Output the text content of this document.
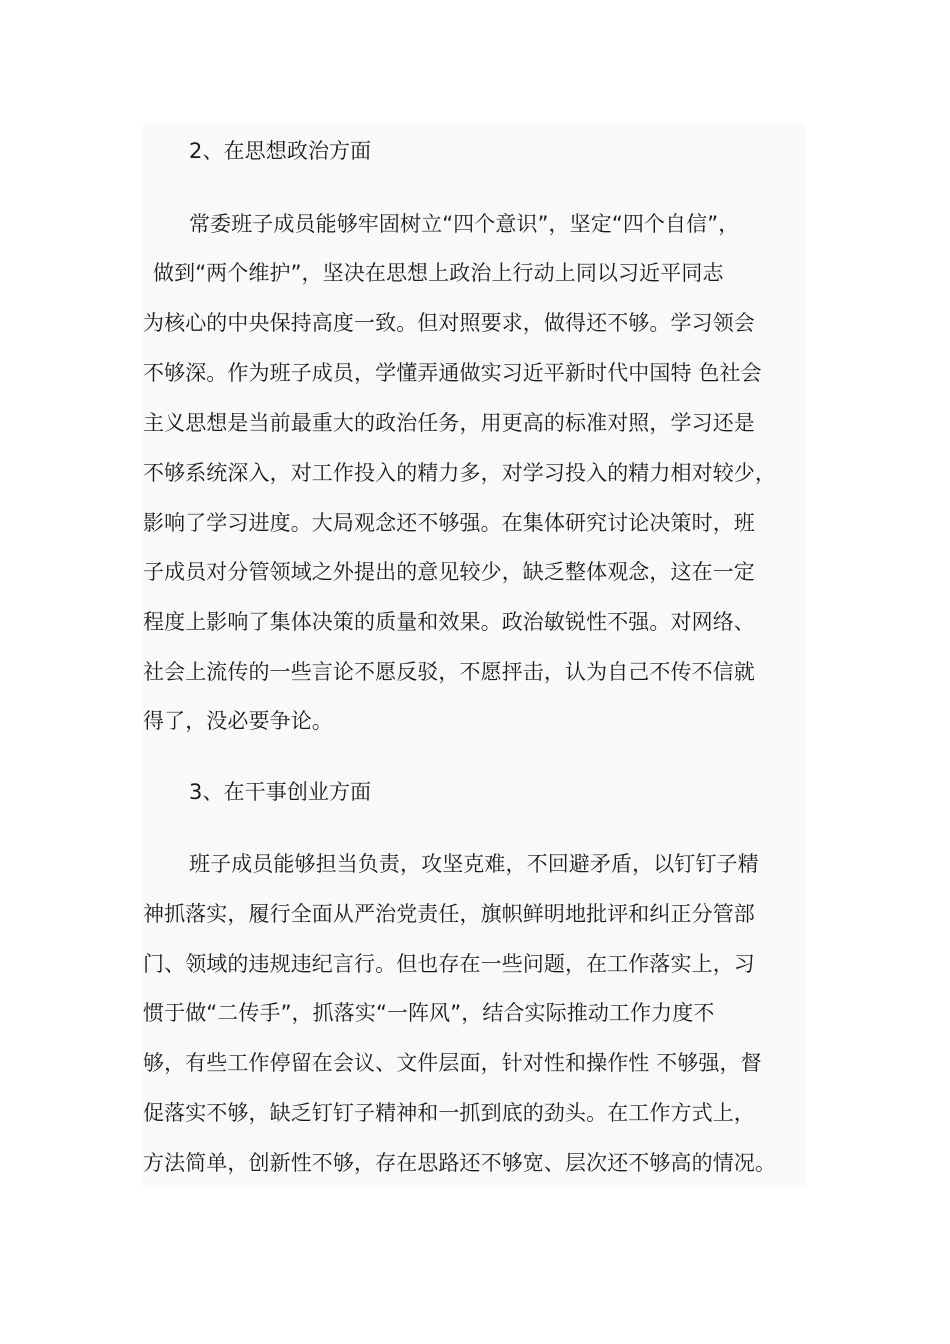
2、在思想政治方面
常委班子成员能够牢固树立“四个意识”，坚定“四个自信”，
做到“两个维护”，坚决在思想上政治上行动上同以习近平同志
为核心的中央保持高度一致。但对照要求，做得还不够。学习领会
不够深。作为班子成员，学懂弄通做实习近平新时代中国特 色社会
主义思想是当前最重大的政治任务，用更高的标准对照，学习还是
不够系统深入，对工作投入的精力多，对学习投入的精力相对较少，
影响了学习进度。大局观念还不够强。在集体研究讨论决策时，班
子成员对分管领域之外提出的意见较少，缺乏整体观念，这在一定
程度上影响了集体决策的质量和效果。政治敏锐性不强。对网络、
社会上流传的一些言论不愿反驳，不愿抨击，认为自己不传不信就
得了，没必要争论。
3、在干事创业方面
班子成员能够担当负责，攻坚克难，不回避矛盾，以钉钉子精
神抓落实，履行全面从严治党责任，旗帜鲜明地批评和纠正分管部
门、领域的违规违纪言行。但也存在一些问题，在工作落实上，习
惯于做“二传手”，抓落实“一阵风”，结合实际推动工作力度不
够，有些工作停留在会议、文件层面，针对性和操作性 不够强，督
促落实不够，缺乏钉钉子精神和一抓到底的劲头。在工作方式上，
方法简单，创新性不够，存在思路还不够宽、层次还不够高的情况。
